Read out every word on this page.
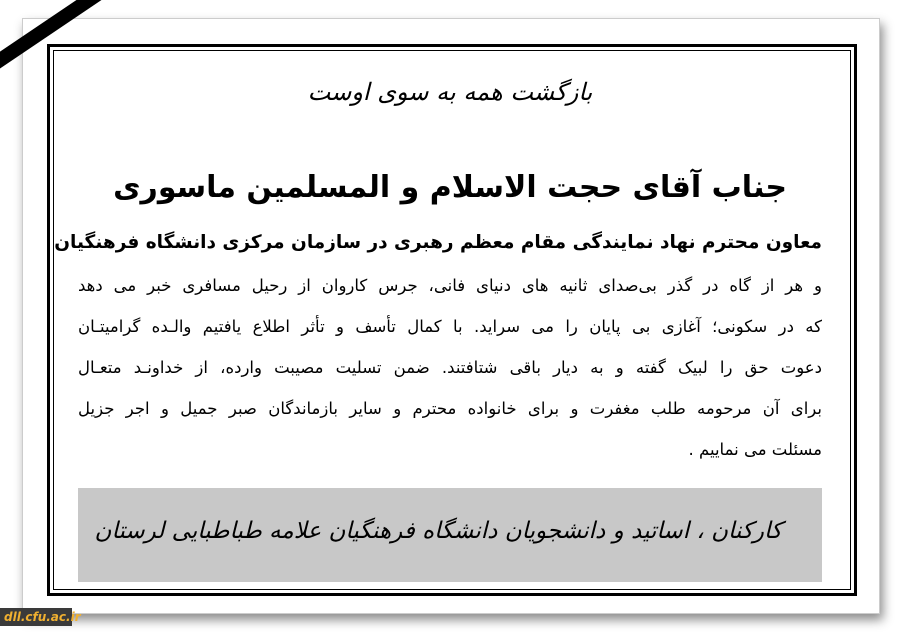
بازگشت همه به سوی اوست
جناب آقای حجت الاسلام و المسلمین ماسوری
معاون محترم نهاد نمایندگی مقام معظم رهبری در سازمان مرکزی دانشگاه فرهنگیان
و هر از گاه در گذر بی‌صدای ثانیه های دنیای فانی، جرس کاروان از رحیل مسافری خبر می دهد
که در سکونی؛ آغازی بی پایان را می سراید. با کمال تأسف و تأثر اطلاع یافتیم والـده گرامیتـان
دعوت حق را لبیک گفته و به دیار باقی شتافتند. ضمن تسلیت مصیبت وارده، از خداونـد متعـال
برای آن مرحومه طلب مغفرت و برای خانواده محترم و سایر بازماندگان صبر جمیل و اجر جزیل
مسئلت می نماییم .
کارکنان ، اساتید و دانشجویان دانشگاه فرهنگیان علامه طباطبایی لرستان
dll.cfu.ac.ir
